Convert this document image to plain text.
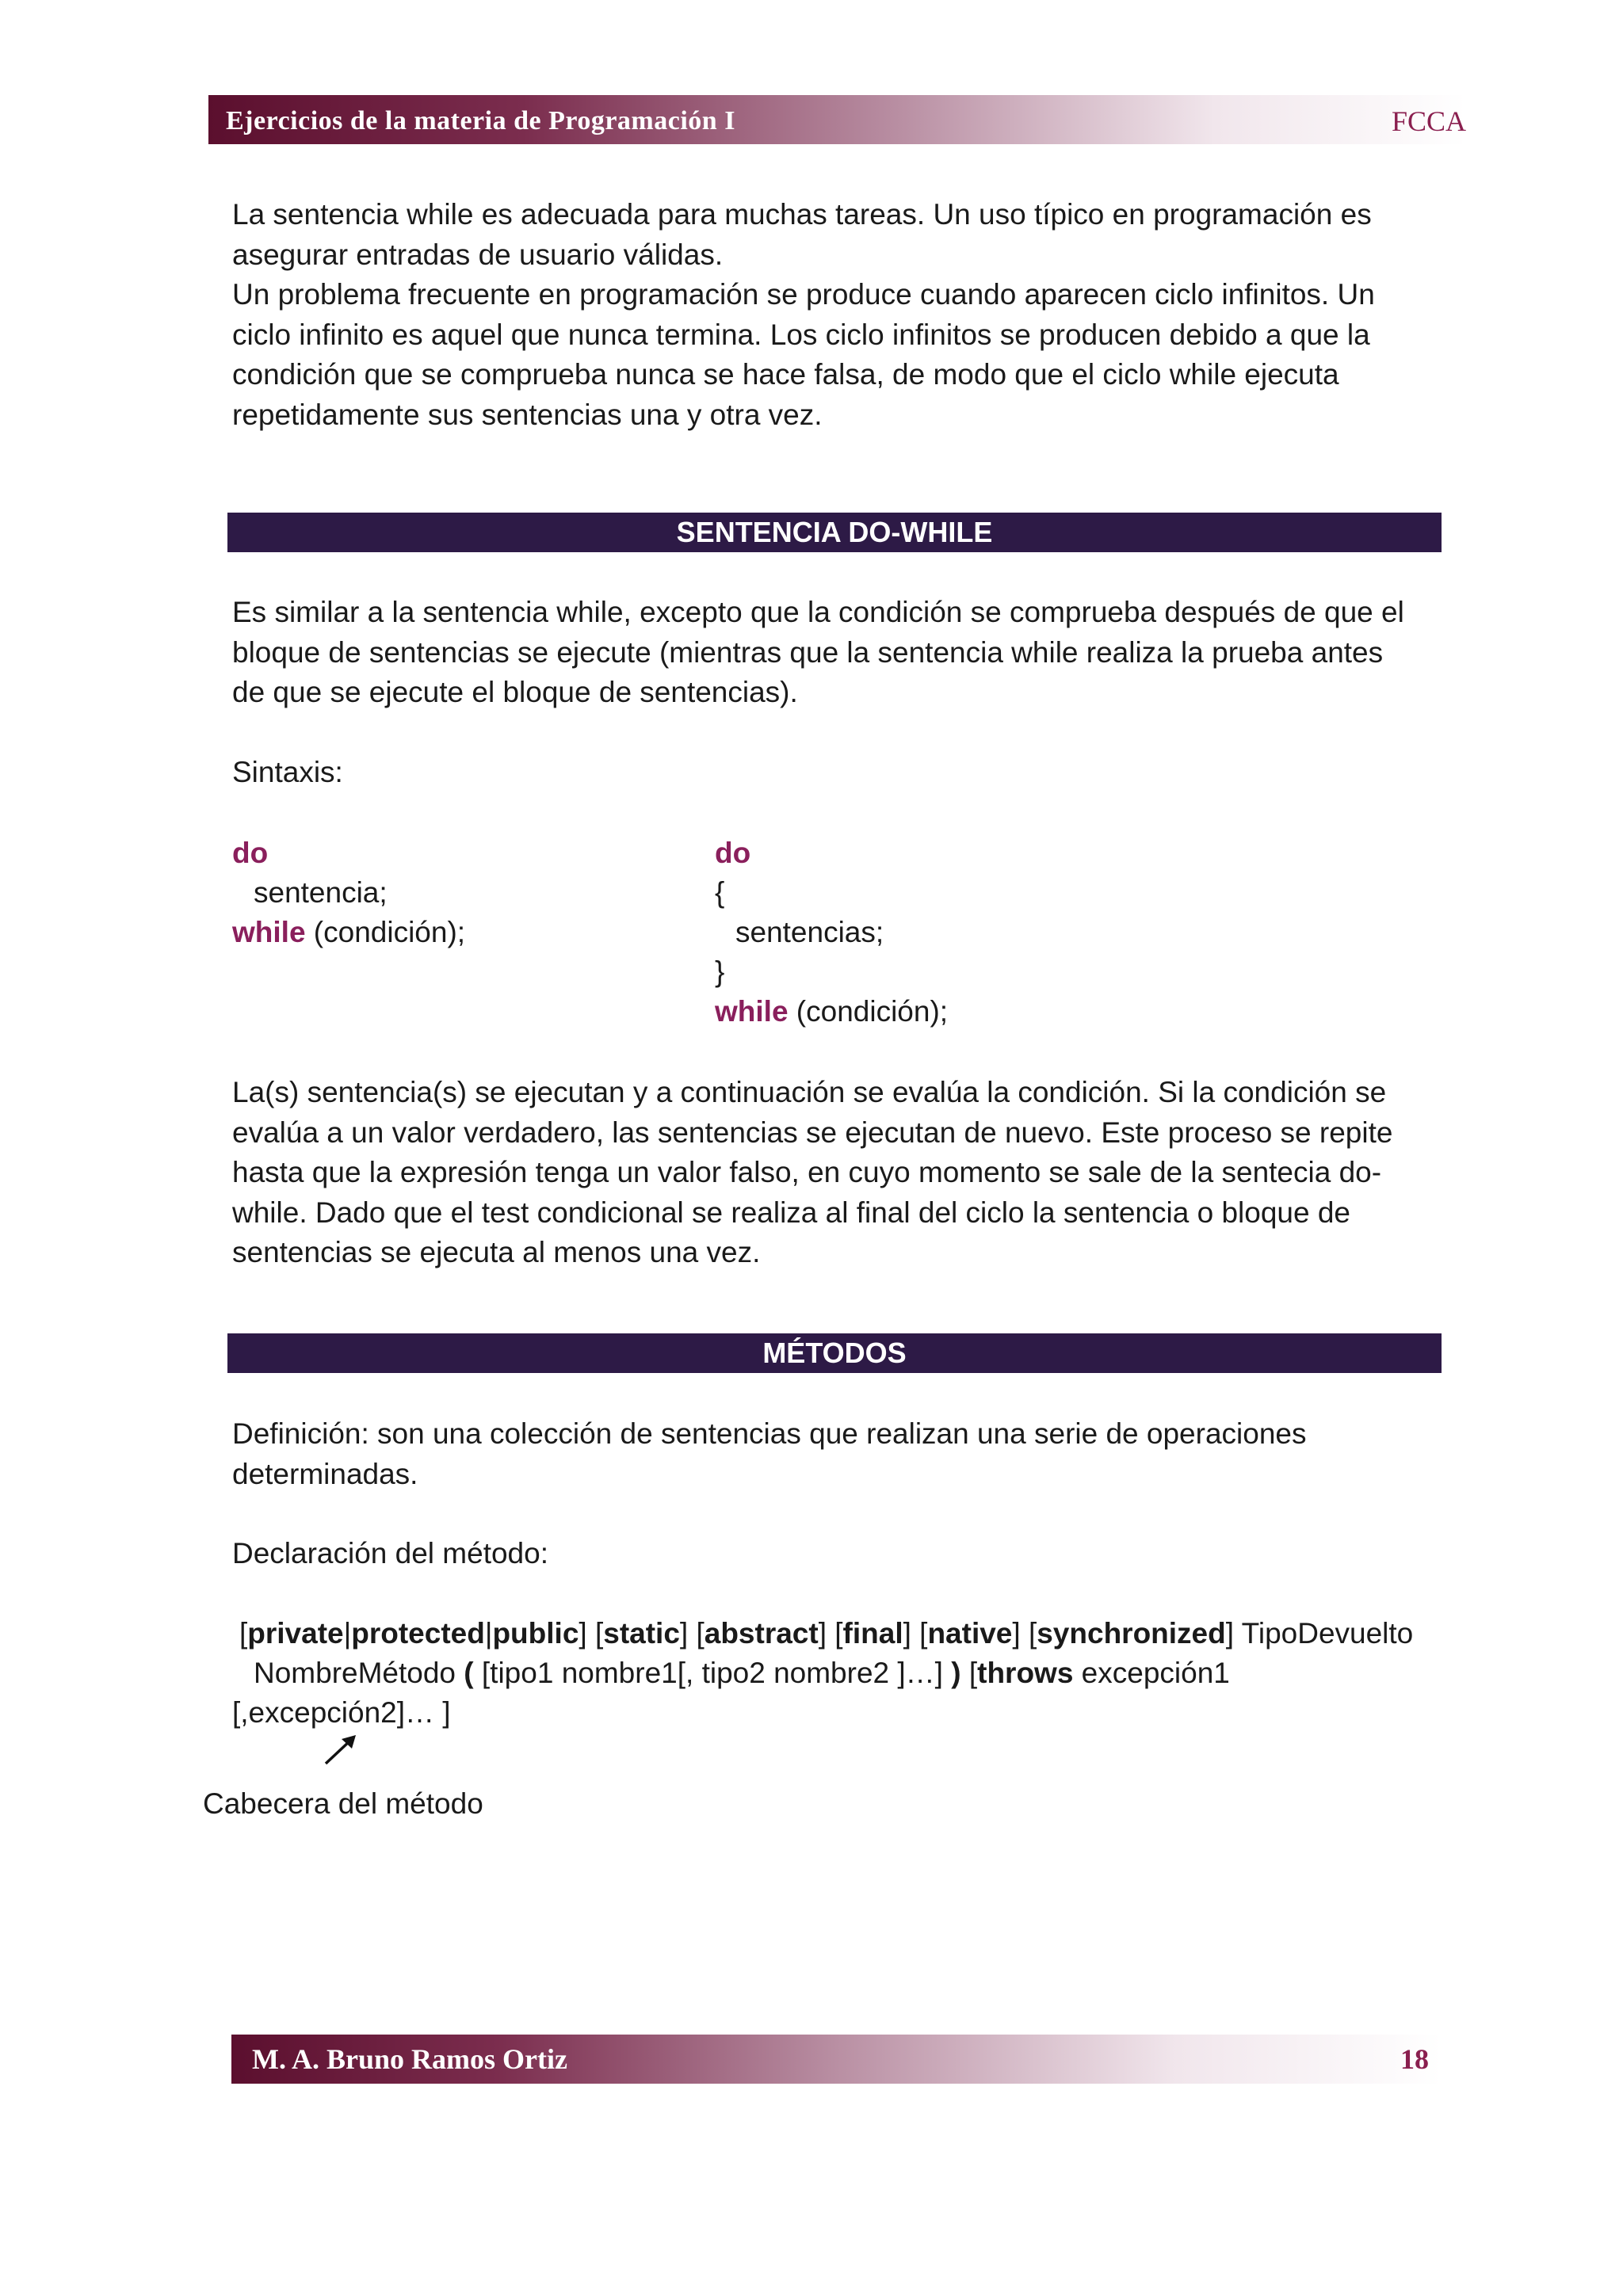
Ejercicios de la materia de Programación I	FCCA
La sentencia while es adecuada para muchas tareas. Un uso típico en programación es
asegurar entradas de usuario válidas.
Un problema frecuente en programación se produce cuando aparecen ciclo infinitos. Un
ciclo infinito es aquel que nunca termina. Los ciclo infinitos se producen debido a que la
condición que se comprueba nunca se hace falsa, de modo que el ciclo while ejecuta
repetidamente sus sentencias una y otra vez.
SENTENCIA DO-WHILE
Es similar a la sentencia while, excepto que la condición se comprueba después de que el
bloque de sentencias se ejecute (mientras que la sentencia while realiza la prueba antes
de que se ejecute el bloque de sentencias).
Sintaxis:
do
sentencia;
while (condición);
do
{
sentencias;
}
while (condición);
La(s) sentencia(s) se ejecutan y a continuación se evalúa la condición. Si la condición se
evalúa a un valor verdadero, las sentencias se ejecutan de nuevo. Este proceso se repite
hasta que la expresión tenga un valor falso, en cuyo momento se sale de la sentecia do-
while. Dado que el test condicional se realiza al final del ciclo la sentencia o bloque de
sentencias se ejecuta al menos una vez.
MÉTODOS
Definición: son una colección de sentencias que realizan una serie de operaciones
determinadas.
Declaración del método:
[private|protected|public] [static] [abstract] [final] [native] [synchronized] TipoDevuelto
NombreMétodo ( [tipo1 nombre1[, tipo2 nombre2 ]…] ) [throws excepción1
[,excepción2]… ]
Cabecera del método
M. A. Bruno Ramos Ortiz	18
